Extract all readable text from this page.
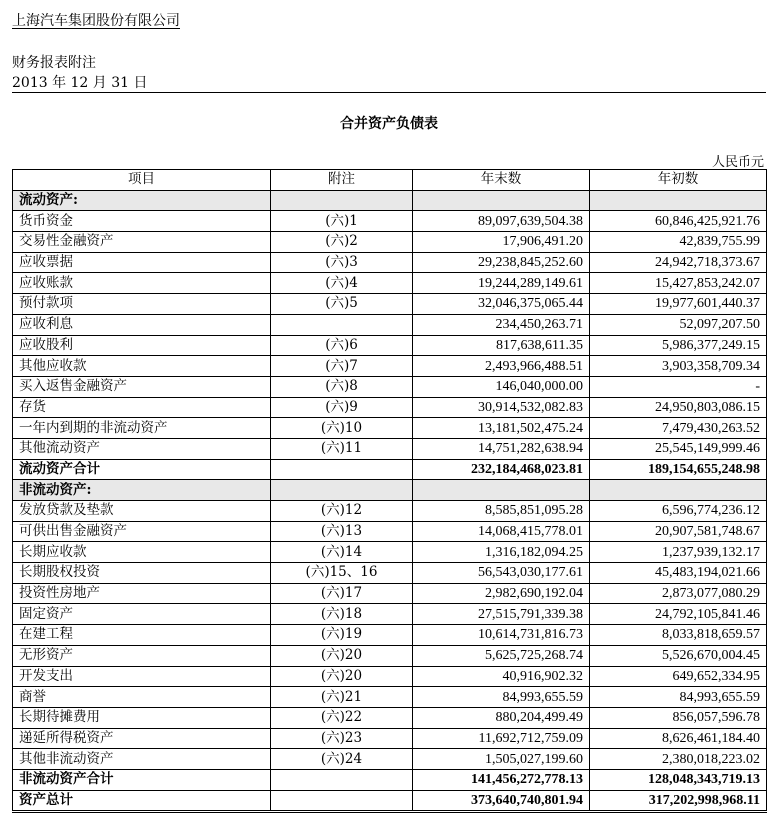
上海汽车集团股份有限公司
财务报表附注
2013 年 12 月 31 日
合并资产负债表
人民币元
项目	附注	年末数	年初数
流动资产:			
货币资金	(六)1	89,097,639,504.38	60,846,425,921.76
交易性金融资产	(六)2	17,906,491.20	42,839,755.99
应收票据	(六)3	29,238,845,252.60	24,942,718,373.67
应收账款	(六)4	19,244,289,149.61	15,427,853,242.07
预付款项	(六)5	32,046,375,065.44	19,977,601,440.37
应收利息		234,450,263.71	52,097,207.50
应收股利	(六)6	817,638,611.35	5,986,377,249.15
其他应收款	(六)7	2,493,966,488.51	3,903,358,709.34
买入返售金融资产	(六)8	146,040,000.00	-
存货	(六)9	30,914,532,082.83	24,950,803,086.15
一年内到期的非流动资产	(六)10	13,181,502,475.24	7,479,430,263.52
其他流动资产	(六)11	14,751,282,638.94	25,545,149,999.46
流动资产合计		232,184,468,023.81	189,154,655,248.98
非流动资产:			
发放贷款及垫款	(六)12	8,585,851,095.28	6,596,774,236.12
可供出售金融资产	(六)13	14,068,415,778.01	20,907,581,748.67
长期应收款	(六)14	1,316,182,094.25	1,237,939,132.17
长期股权投资	(六)15、16	56,543,030,177.61	45,483,194,021.66
投资性房地产	(六)17	2,982,690,192.04	2,873,077,080.29
固定资产	(六)18	27,515,791,339.38	24,792,105,841.46
在建工程	(六)19	10,614,731,816.73	8,033,818,659.57
无形资产	(六)20	5,625,725,268.74	5,526,670,004.45
开发支出	(六)20	40,916,902.32	649,652,334.95
商誉	(六)21	84,993,655.59	84,993,655.59
长期待摊费用	(六)22	880,204,499.49	856,057,596.78
递延所得税资产	(六)23	11,692,712,759.09	8,626,461,184.40
其他非流动资产	(六)24	1,505,027,199.60	2,380,018,223.02
非流动资产合计		141,456,272,778.13	128,048,343,719.13
资产总计		373,640,740,801.94	317,202,998,968.11
